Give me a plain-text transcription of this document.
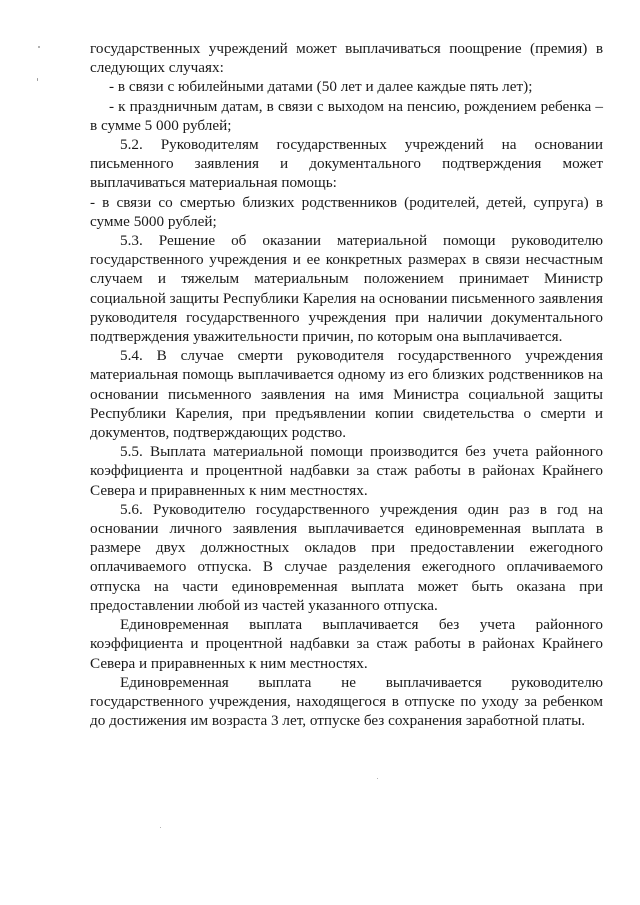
государственных учреждений может выплачиваться поощрение (премия) в следующих случаях:

- в связи с юбилейными датами (50 лет и далее каждые пять лет);

- к праздничным датам, в связи с выходом на пенсию, рождением ребенка – в сумме 5 000 рублей;

5.2. Руководителям государственных учреждений на основании письменного заявления и документального подтверждения может выплачиваться материальная помощь:

- в связи со смертью близких родственников (родителей, детей, супруга) в сумме 5000 рублей;

5.3. Решение об оказании материальной помощи руководителю государственного учреждения и ее конкретных размерах в связи несчастным случаем и тяжелым материальным положением принимает Министр социальной защиты Республики Карелия на основании письменного заявления руководителя государственного учреждения при наличии документального подтверждения уважительности причин, по которым она выплачивается.

5.4. В случае смерти руководителя государственного учреждения материальная помощь выплачивается одному из его близких родственников на основании письменного заявления на имя Министра социальной защиты Республики Карелия, при предъявлении копии свидетельства о смерти и документов, подтверждающих родство.

5.5. Выплата материальной помощи производится без учета районного коэффициента и процентной надбавки за стаж работы в районах Крайнего Севера и приравненных к ним местностях.

5.6. Руководителю государственного учреждения один раз в год на основании личного заявления выплачивается единовременная выплата в размере двух должностных окладов при предоставлении ежегодного оплачиваемого отпуска. В случае разделения ежегодного оплачиваемого отпуска на части единовременная выплата может быть оказана при предоставлении любой из частей указанного отпуска.

Единовременная выплата выплачивается без учета районного коэффициента и процентной надбавки за стаж работы в районах Крайнего Севера и приравненных к ним местностях.

Единовременная выплата не выплачивается руководителю государственного учреждения, находящегося в отпуске по уходу за ребенком до достижения им возраста 3 лет, отпуске без сохранения заработной платы.
